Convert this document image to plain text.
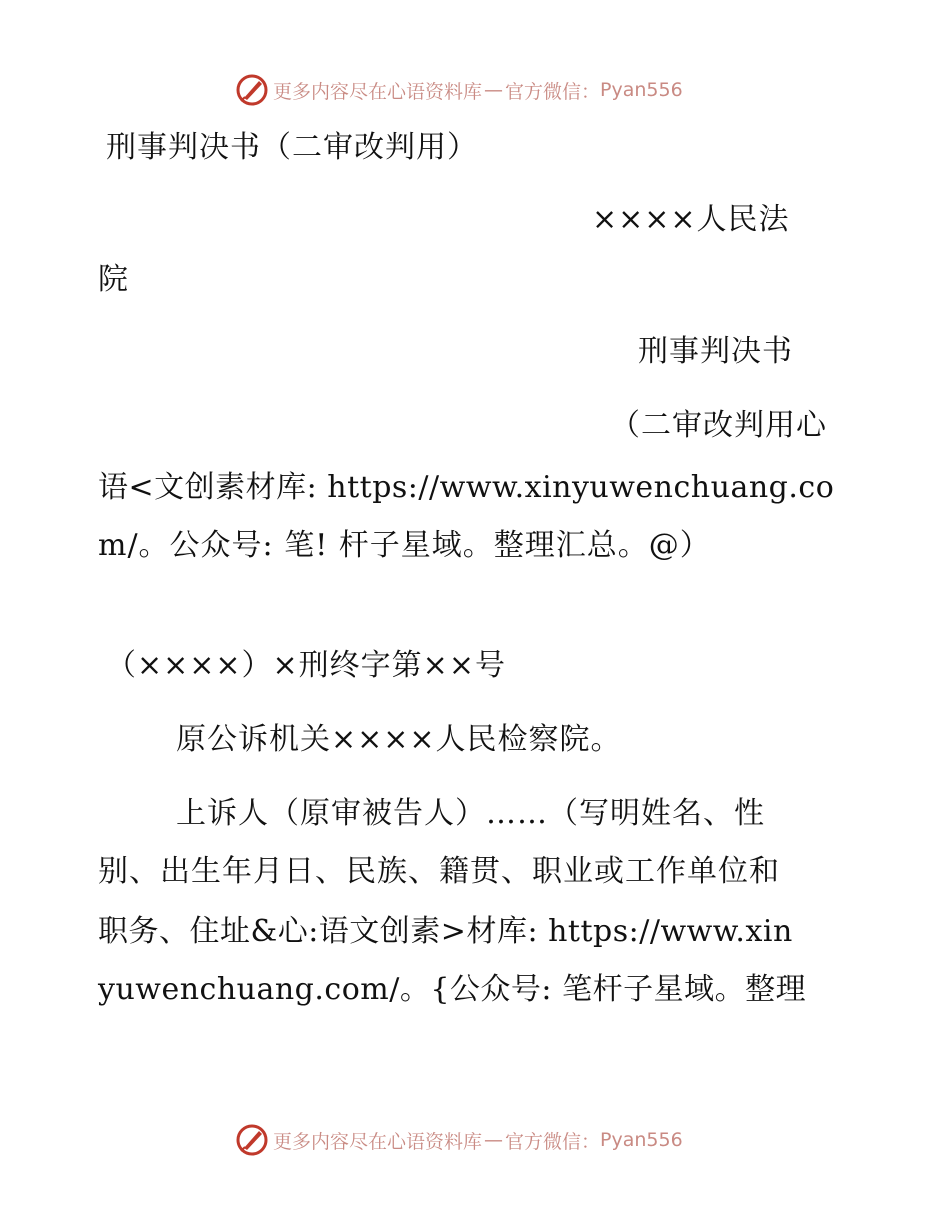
更多内容尽在心语资料库 — 官方微信： Pyan556
刑事判决书（二审改判用）
××××人民法
院
刑事判决书
（二审改判用心
语<文创素材库: https://www.xinyuwenchuang.co
m/。公众号: 笔! 杆子星域。整理汇总。@）
（××××）×刑终字第××号
原公诉机关××××人民检察院。
上诉人（原审被告人）……（写明姓名、性
别、出生年月日、民族、籍贯、职业或工作单位和
职务、住址&心:语文创素>材库: https://www.xin
yuwenchuang.com/。{公众号: 笔杆子星域。整理
更多内容尽在心语资料库 — 官方微信： Pyan556
